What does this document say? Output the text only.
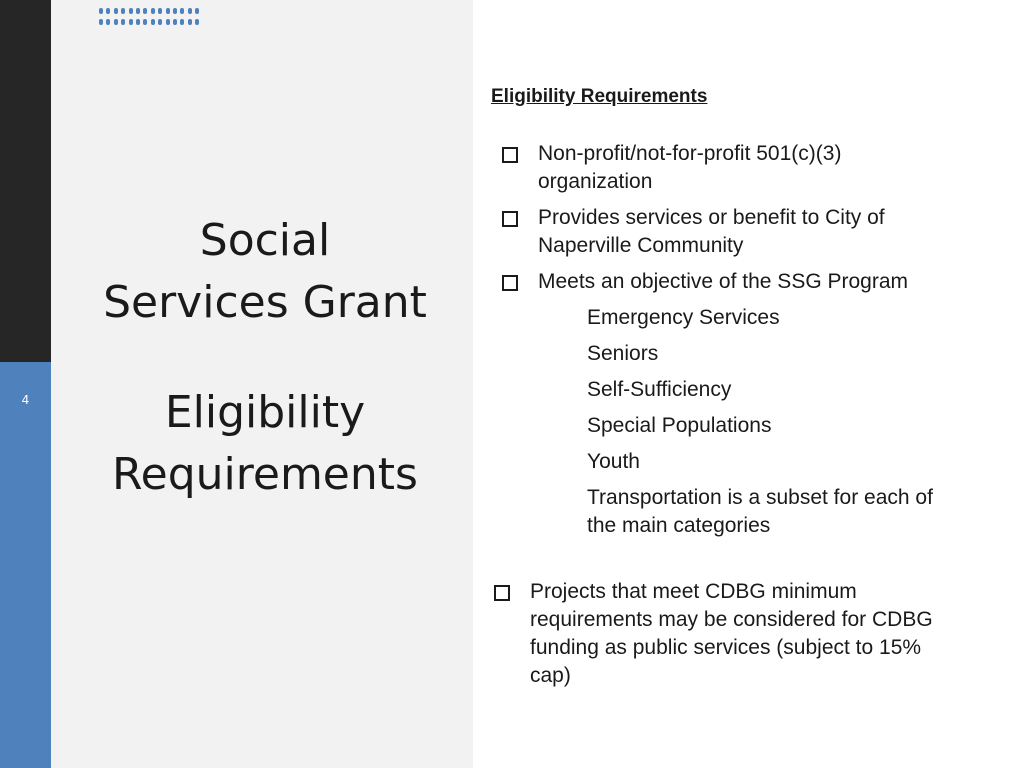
4
Social
Services Grant
Eligibility
Requirements
Eligibility Requirements
Non-profit/not-for-profit 501(c)(3)
organization
Provides services or benefit to City of
Naperville Community
Meets an objective of the SSG Program
Emergency Services
Seniors
Self-Sufficiency
Special Populations
Youth
Transportation is a subset for each of
the main categories
Projects that meet CDBG minimum
requirements may be considered for CDBG
funding as public services (subject to 15%
cap)
